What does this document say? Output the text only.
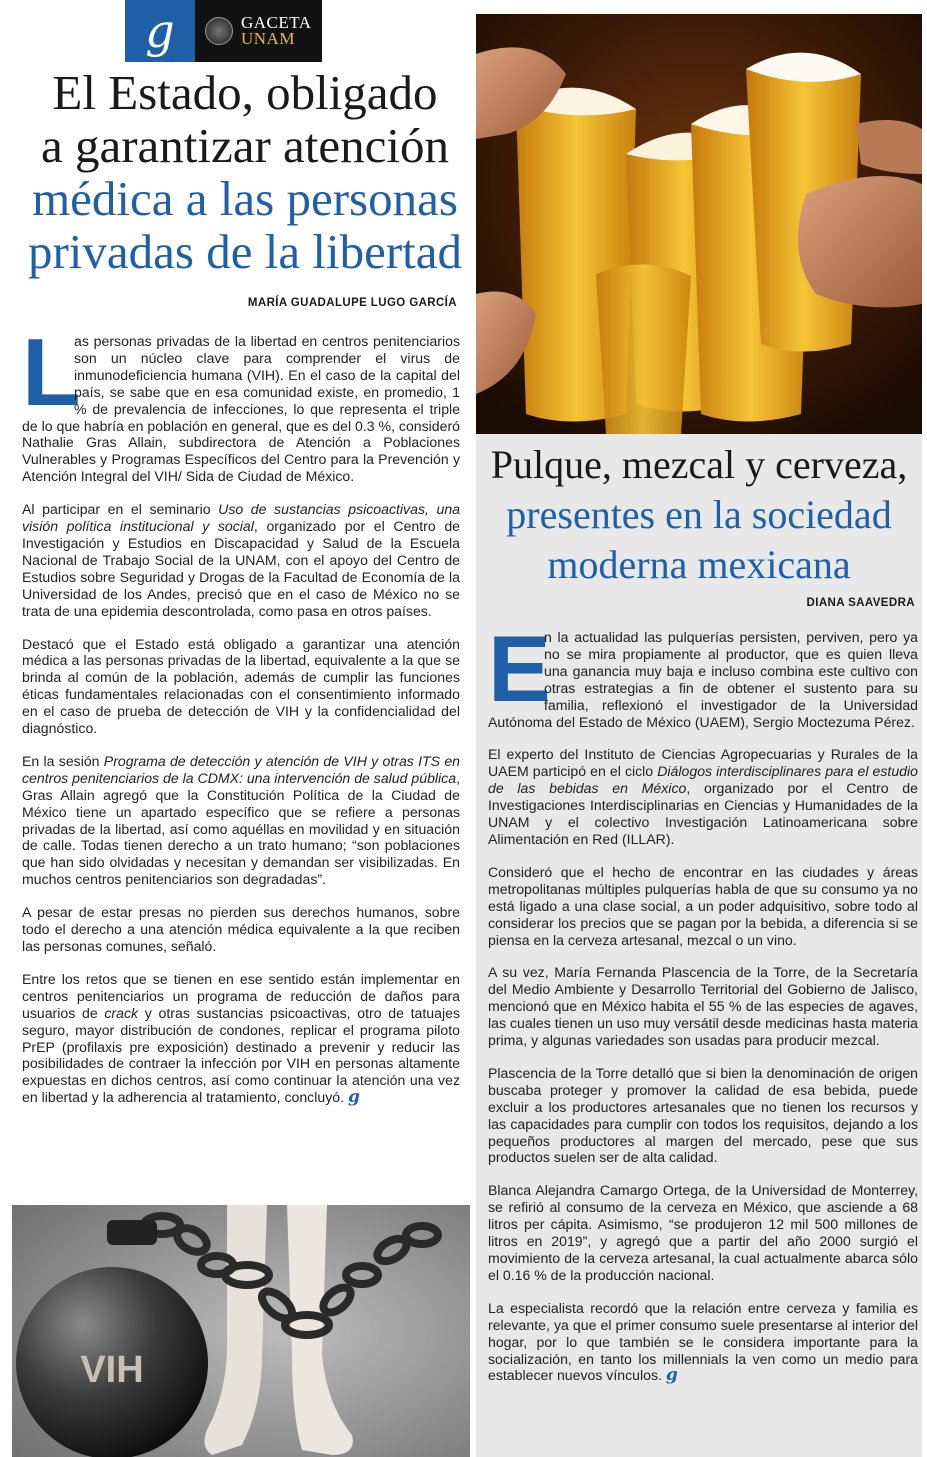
g	GACETA
UNAM
El Estado, obligado
a garantizar atención
médica a las personas
privadas de la libertad
MARÍA GUADALUPE LUGO GARCÍA

L
as personas privadas de la libertad en centros penitenciarios son un núcleo clave para comprender el virus de inmunodeficiencia humana (VIH). En el caso de la capital del país, se sabe que en esa comunidad existe, en promedio, 1 % de prevalencia de infecciones, lo que representa el triple de lo que habría en población en general, que es del 0.3 %, consideró Nathalie Gras Allain, subdirectora de Atención a Poblaciones Vulnerables y Programas Específicos del Centro para la Prevención y Atención Integral del VIH/ Sida de Ciudad de México.

Al participar en el seminario Uso de sustancias psicoactivas, una visión política institucional y social, organizado por el Centro de Investigación y Estudios en Discapacidad y Salud de la Escuela Nacional de Trabajo Social de la UNAM, con el apoyo del Centro de Estudios sobre Seguridad y Drogas de la Facultad de Economía de la Universidad de los Andes, precisó que en el caso de México no se trata de una epidemia descontrolada, como pasa en otros países.

Destacó que el Estado está obligado a garantizar una atención médica a las personas privadas de la libertad, equivalente a la que se brinda al común de la población, además de cumplir las funciones éticas fundamentales relacionadas con el consentimiento informado en el caso de prueba de detección de VIH y la confidencialidad del diagnóstico.

En la sesión Programa de detección y atención de VIH y otras ITS en centros penitenciarios de la CDMX: una intervención de salud pública, Gras Allain agregó que la Constitución Política de la Ciudad de México tiene un apartado específico que se refiere a personas privadas de la libertad, así como aquéllas en movilidad y en situación de calle. Todas tienen derecho a un trato humano; “son poblaciones que han sido olvidadas y necesitan y demandan ser visibilizadas. En muchos centros penitenciarios son degradadas”.

A pesar de estar presas no pierden sus derechos humanos, sobre todo el derecho a una atención médica equivalente a la que reciben las personas comunes, señaló.

Entre los retos que se tienen en ese sentido están implementar en centros penitenciarios un programa de reducción de daños para usuarios de crack y otras sustancias psicoactivas, otro de tatuajes seguro, mayor distribución de condones, replicar el programa piloto PrEP (profilaxis pre exposición) destinado a prevenir y reducir las posibilidades de contraer la infección por VIH en personas altamente expuestas en dichos centros, así como continuar la atención una vez en libertad y la adherencia al tratamiento, concluyó. g

VIH
Pulque, mezcal y cerveza,
presentes en la sociedad
moderna mexicana
DIANA SAAVEDRA

E
n la actualidad las pulquerías persisten, perviven, pero ya no se mira propiamente al productor, que es quien lleva una ganancia muy baja e incluso combina este cultivo con otras estrategias a fin de obtener el sustento para su familia, reflexionó el investigador de la Universidad Autónoma del Estado de México (UAEM), Sergio Moctezuma Pérez.

El experto del Instituto de Ciencias Agropecuarias y Rurales de la UAEM participó en el ciclo Diálogos interdisciplinares para el estudio de las bebidas en México, organizado por el Centro de Investigaciones Interdisciplinarias en Ciencias y Humanidades de la UNAM y el colectivo Investigación Latinoamericana sobre Alimentación en Red (ILLAR).

Consideró que el hecho de encontrar en las ciudades y áreas metropolitanas múltiples pulquerías habla de que su consumo ya no está ligado a una clase social, a un poder adquisitivo, sobre todo al considerar los precios que se pagan por la bebida, a diferencia si se piensa en la cerveza artesanal, mezcal o un vino.

A su vez, María Fernanda Plascencia de la Torre, de la Secretaría del Medio Ambiente y Desarrollo Territorial del Gobierno de Jalisco, mencionó que en México habita el 55 % de las especies de agaves, las cuales tienen un uso muy versátil desde medicinas hasta materia prima, y algunas variedades son usadas para producir mezcal.

Plascencia de la Torre detalló que si bien la denominación de origen buscaba proteger y promover la calidad de esa bebida, puede excluir a los productores artesanales que no tienen los recursos y las capacidades para cumplir con todos los requisitos, dejando a los pequeños productores al margen del mercado, pese que sus productos suelen ser de alta calidad.

Blanca Alejandra Camargo Ortega, de la Universidad de Monterrey, se refirió al consumo de la cerveza en México, que asciende a 68 litros per cápita. Asimismo, “se produjeron 12 mil 500 millones de litros en 2019”, y agregó que a partir del año 2000 surgió el movimiento de la cerveza artesanal, la cual actualmente abarca sólo el 0.16 % de la producción nacional.

La especialista recordó que la relación entre cerveza y familia es relevante, ya que el primer consumo suele presentarse al interior del hogar, por lo que también se le considera importante para la socialización, en tanto los millennials la ven como un medio para establecer nuevos vínculos. g
